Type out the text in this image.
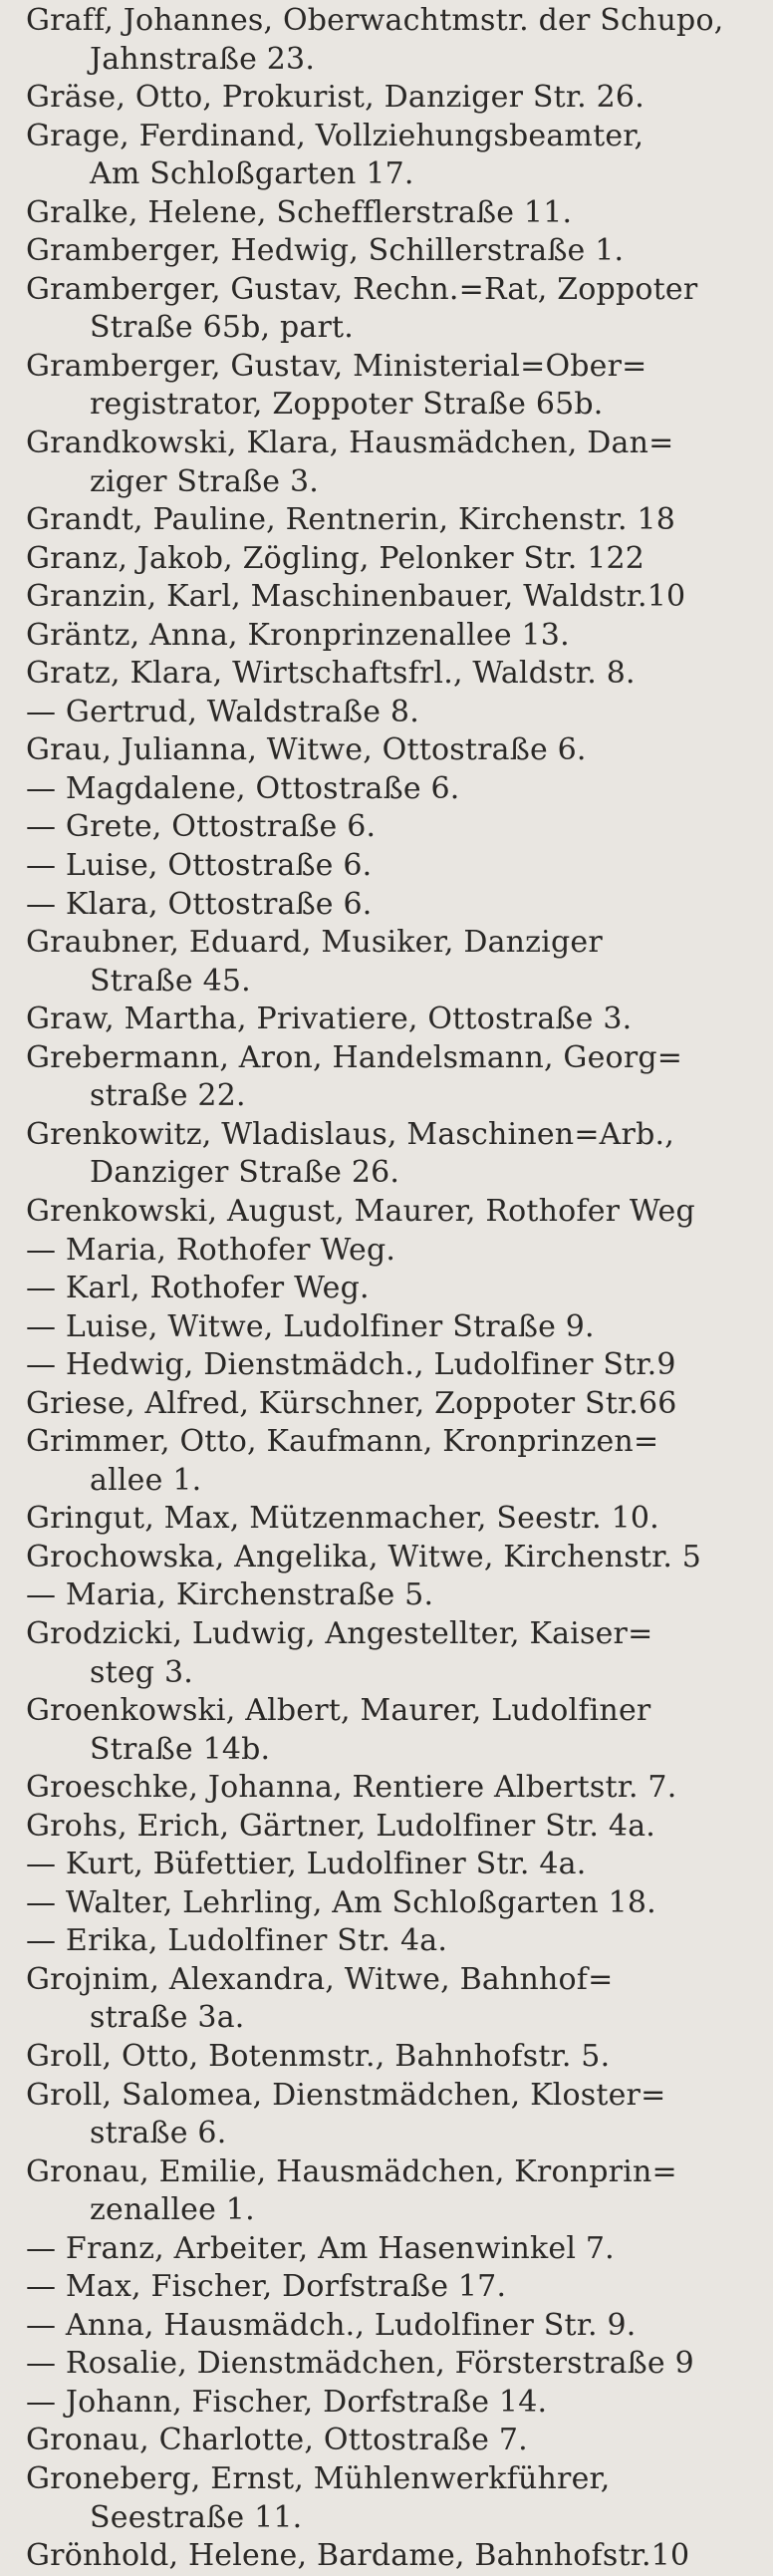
Graff, Johannes, Oberwachtmstr. der Schupo,
Jahnstraße 23.
Gräse, Otto, Prokurist, Danziger Str. 26.
Grage, Ferdinand, Vollziehungsbeamter,
Am Schloßgarten 17.
Gralke, Helene, Schefflerstraße 11.
Gramberger, Hedwig, Schillerstraße 1.
Gramberger, Gustav, Rechn.=Rat, Zoppoter
Straße 65b, part.
Gramberger, Gustav, Ministerial=Ober=
registrator, Zoppoter Straße 65b.
Grandkowski, Klara, Hausmädchen, Dan=
ziger Straße 3.
Grandt, Pauline, Rentnerin, Kirchenstr. 18
Granz, Jakob, Zögling, Pelonker Str. 122
Granzin, Karl, Maschinenbauer, Waldstr.10
Gräntz, Anna, Kronprinzenallee 13.
Gratz, Klara, Wirtschaftsfrl., Waldstr. 8.
— Gertrud, Waldstraße 8.
Grau, Julianna, Witwe, Ottostraße 6.
— Magdalene, Ottostraße 6.
— Grete, Ottostraße 6.
— Luise, Ottostraße 6.
— Klara, Ottostraße 6.
Graubner, Eduard, Musiker, Danziger
Straße 45.
Graw, Martha, Privatiere, Ottostraße 3.
Grebermann, Aron, Handelsmann, Georg=
straße 22.
Grenkowitz, Wladislaus, Maschinen=Arb.,
Danziger Straße 26.
Grenkowski, August, Maurer, Rothofer Weg
— Maria, Rothofer Weg.
— Karl, Rothofer Weg.
— Luise, Witwe, Ludolfiner Straße 9.
— Hedwig, Dienstmädch., Ludolfiner Str.9
Griese, Alfred, Kürschner, Zoppoter Str.66
Grimmer, Otto, Kaufmann, Kronprinzen=
allee 1.
Gringut, Max, Mützenmacher, Seestr. 10.
Grochowska, Angelika, Witwe, Kirchenstr. 5
— Maria, Kirchenstraße 5.
Grodzicki, Ludwig, Angestellter, Kaiser=
steg 3.
Groenkowski, Albert, Maurer, Ludolfiner
Straße 14b.
Groeschke, Johanna, Rentiere Albertstr. 7.
Grohs, Erich, Gärtner, Ludolfiner Str. 4a.
— Kurt, Büfettier, Ludolfiner Str. 4a.
— Walter, Lehrling, Am Schloßgarten 18.
— Erika, Ludolfiner Str. 4a.
Grojnim, Alexandra, Witwe, Bahnhof=
straße 3a.
Groll, Otto, Botenmstr., Bahnhofstr. 5.
Groll, Salomea, Dienstmädchen, Kloster=
straße 6.
Gronau, Emilie, Hausmädchen, Kronprin=
zenallee 1.
— Franz, Arbeiter, Am Hasenwinkel 7.
— Max, Fischer, Dorfstraße 17.
— Anna, Hausmädch., Ludolfiner Str. 9.
— Rosalie, Dienstmädchen, Försterstraße 9
— Johann, Fischer, Dorfstraße 14.
Gronau, Charlotte, Ottostraße 7.
Groneberg, Ernst, Mühlenwerkführer,
Seestraße 11.
Grönhold, Helene, Bardame, Bahnhofstr.10
